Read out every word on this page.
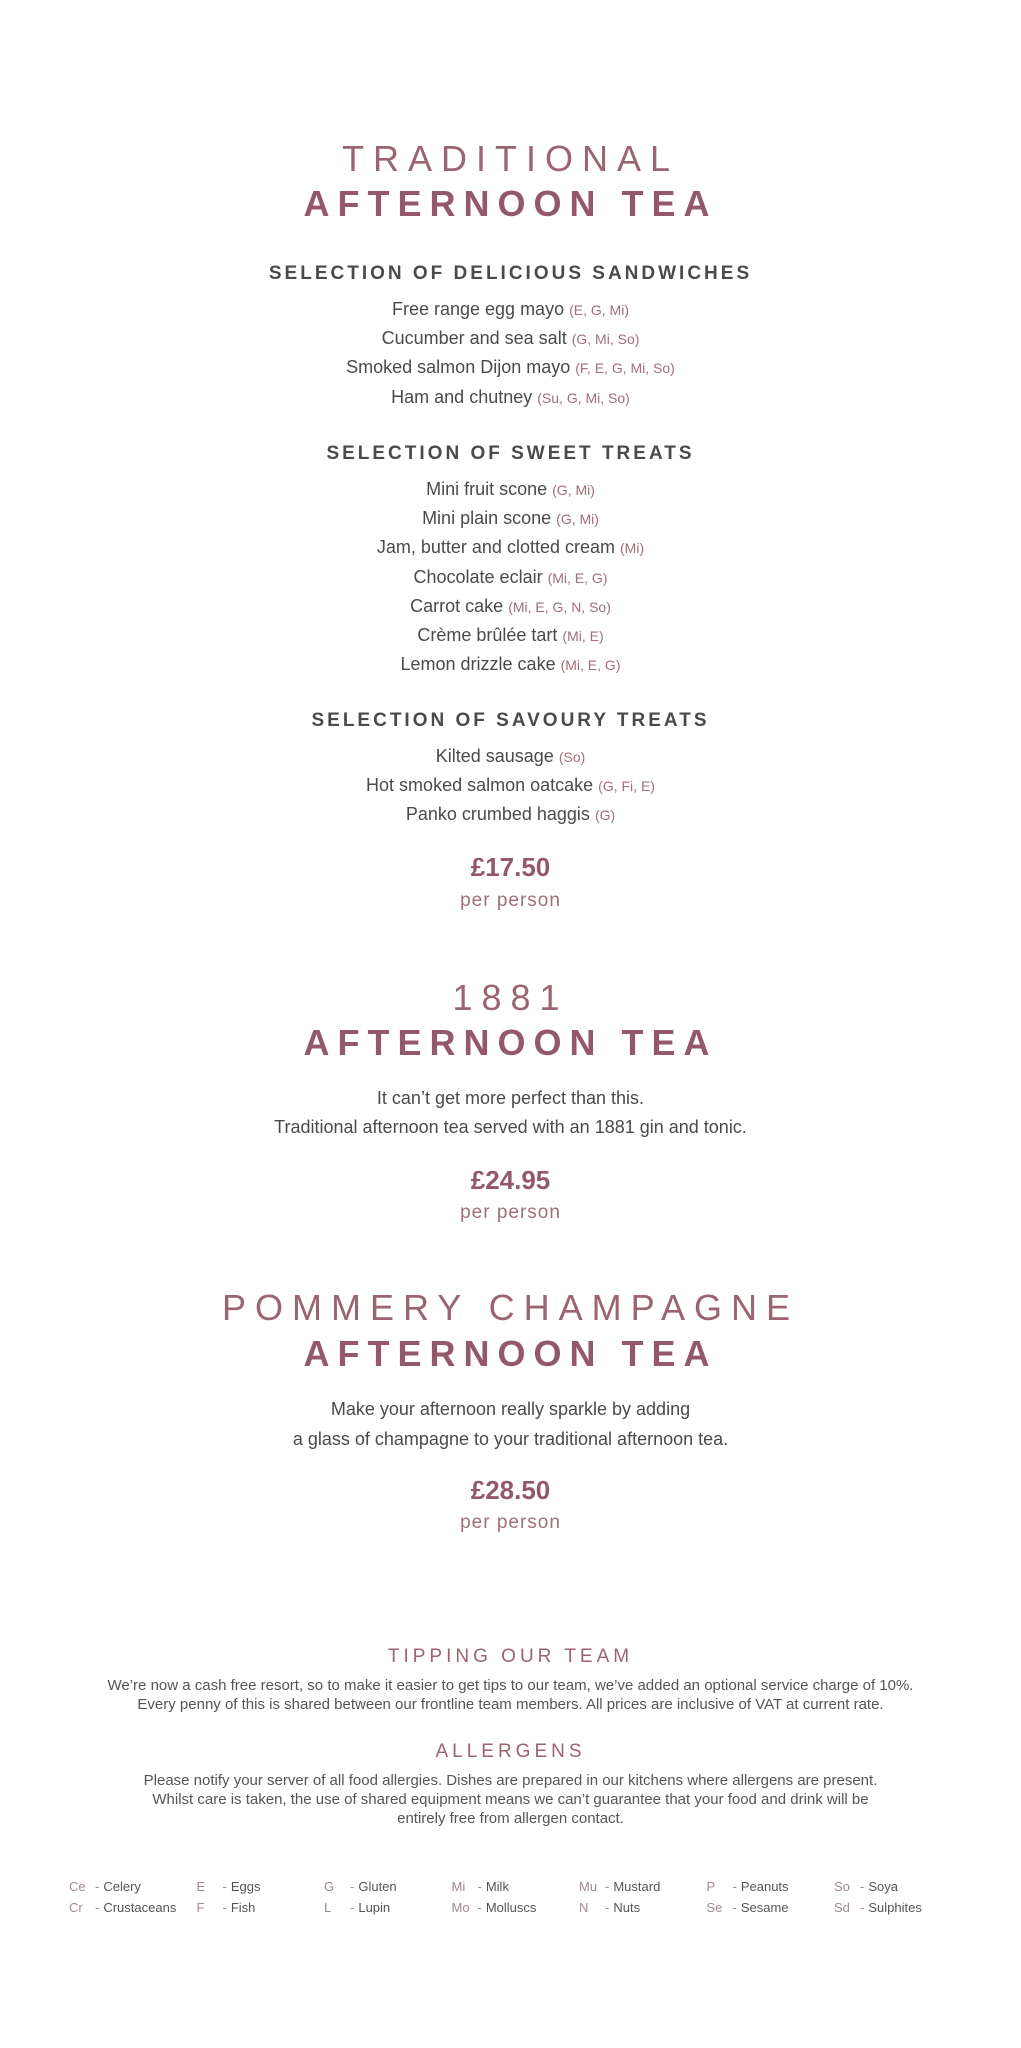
TRADITIONAL
AFTERNOON TEA
SELECTION OF DELICIOUS SANDWICHES
Free range egg mayo (E, G, Mi)
Cucumber and sea salt (G, Mi, So)
Smoked salmon Dijon mayo (F, E, G, Mi, So)
Ham and chutney (Su, G, Mi, So)
SELECTION OF SWEET TREATS
Mini fruit scone (G, Mi)
Mini plain scone (G, Mi)
Jam, butter and clotted cream (Mi)
Chocolate eclair (Mi, E, G)
Carrot cake (Mi, E, G, N, So)
Crème brûlée tart (Mi, E)
Lemon drizzle cake (Mi, E, G)
SELECTION OF SAVOURY TREATS
Kilted sausage (So)
Hot smoked salmon oatcake (G, Fi, E)
Panko crumbed haggis (G)
£17.50
per person
1881
AFTERNOON TEA
It can’t get more perfect than this.
Traditional afternoon tea served with an 1881 gin and tonic.
£24.95
per person
POMMERY CHAMPAGNE
AFTERNOON TEA
Make your afternoon really sparkle by adding
a glass of champagne to your traditional afternoon tea.
£28.50
per person
TIPPING OUR TEAM
We’re now a cash free resort, so to make it easier to get tips to our team, we’ve added an optional service charge of 10%.
Every penny of this is shared between our frontline team members. All prices are inclusive of VAT at current rate.
ALLERGENS
Please notify your server of all food allergies. Dishes are prepared in our kitchens where allergens are present.
Whilst care is taken, the use of shared equipment means we can’t guarantee that your food and drink will be
entirely free from allergen contact.
Ce - Celery
Cr - Crustaceans
E - Eggs
F - Fish
G - Gluten
L - Lupin
Mi - Milk
Mo - Molluscs
Mu - Mustard
N - Nuts
P - Peanuts
Se - Sesame
So - Soya
Sd - Sulphites
